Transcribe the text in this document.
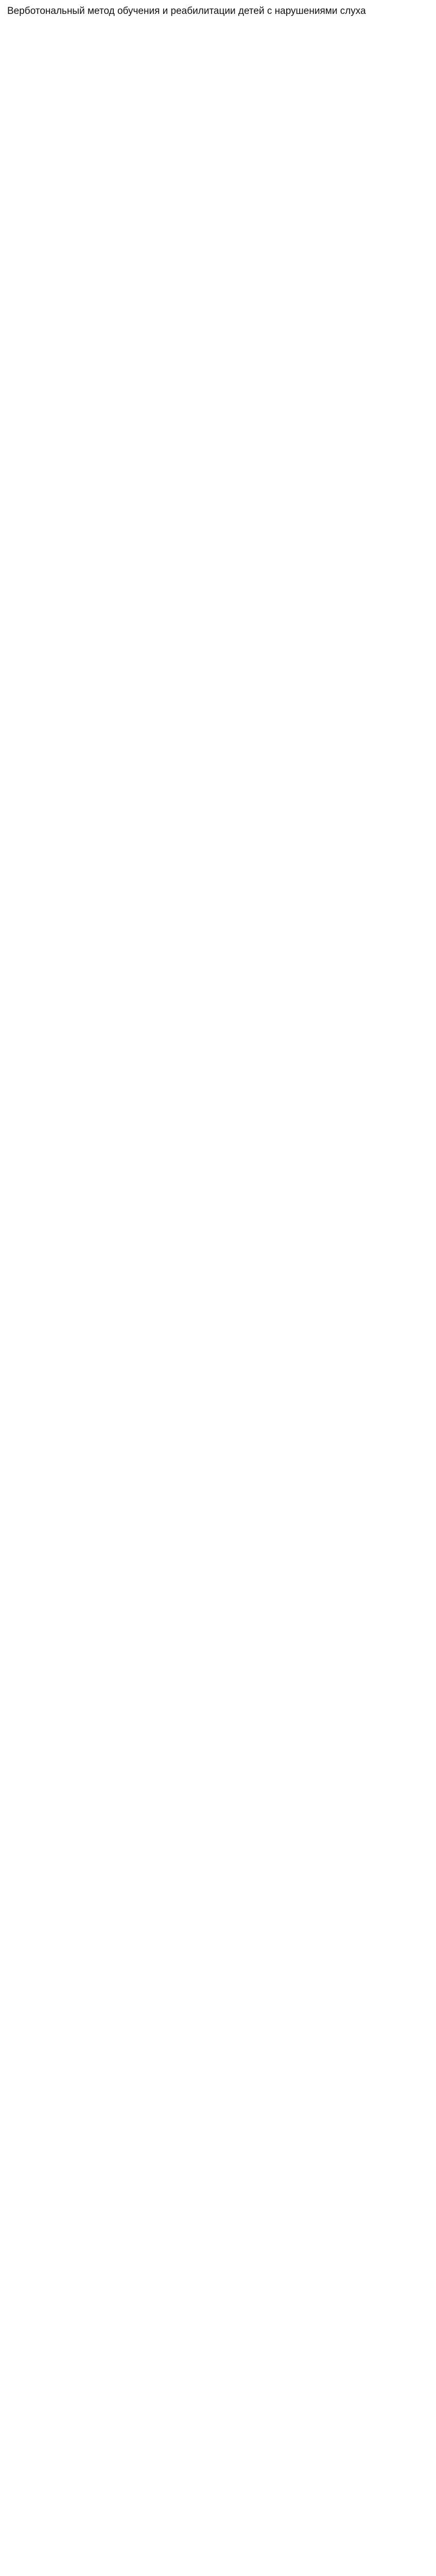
Верботональный метод обучения и реабилитации детей с нарушениями слуха
